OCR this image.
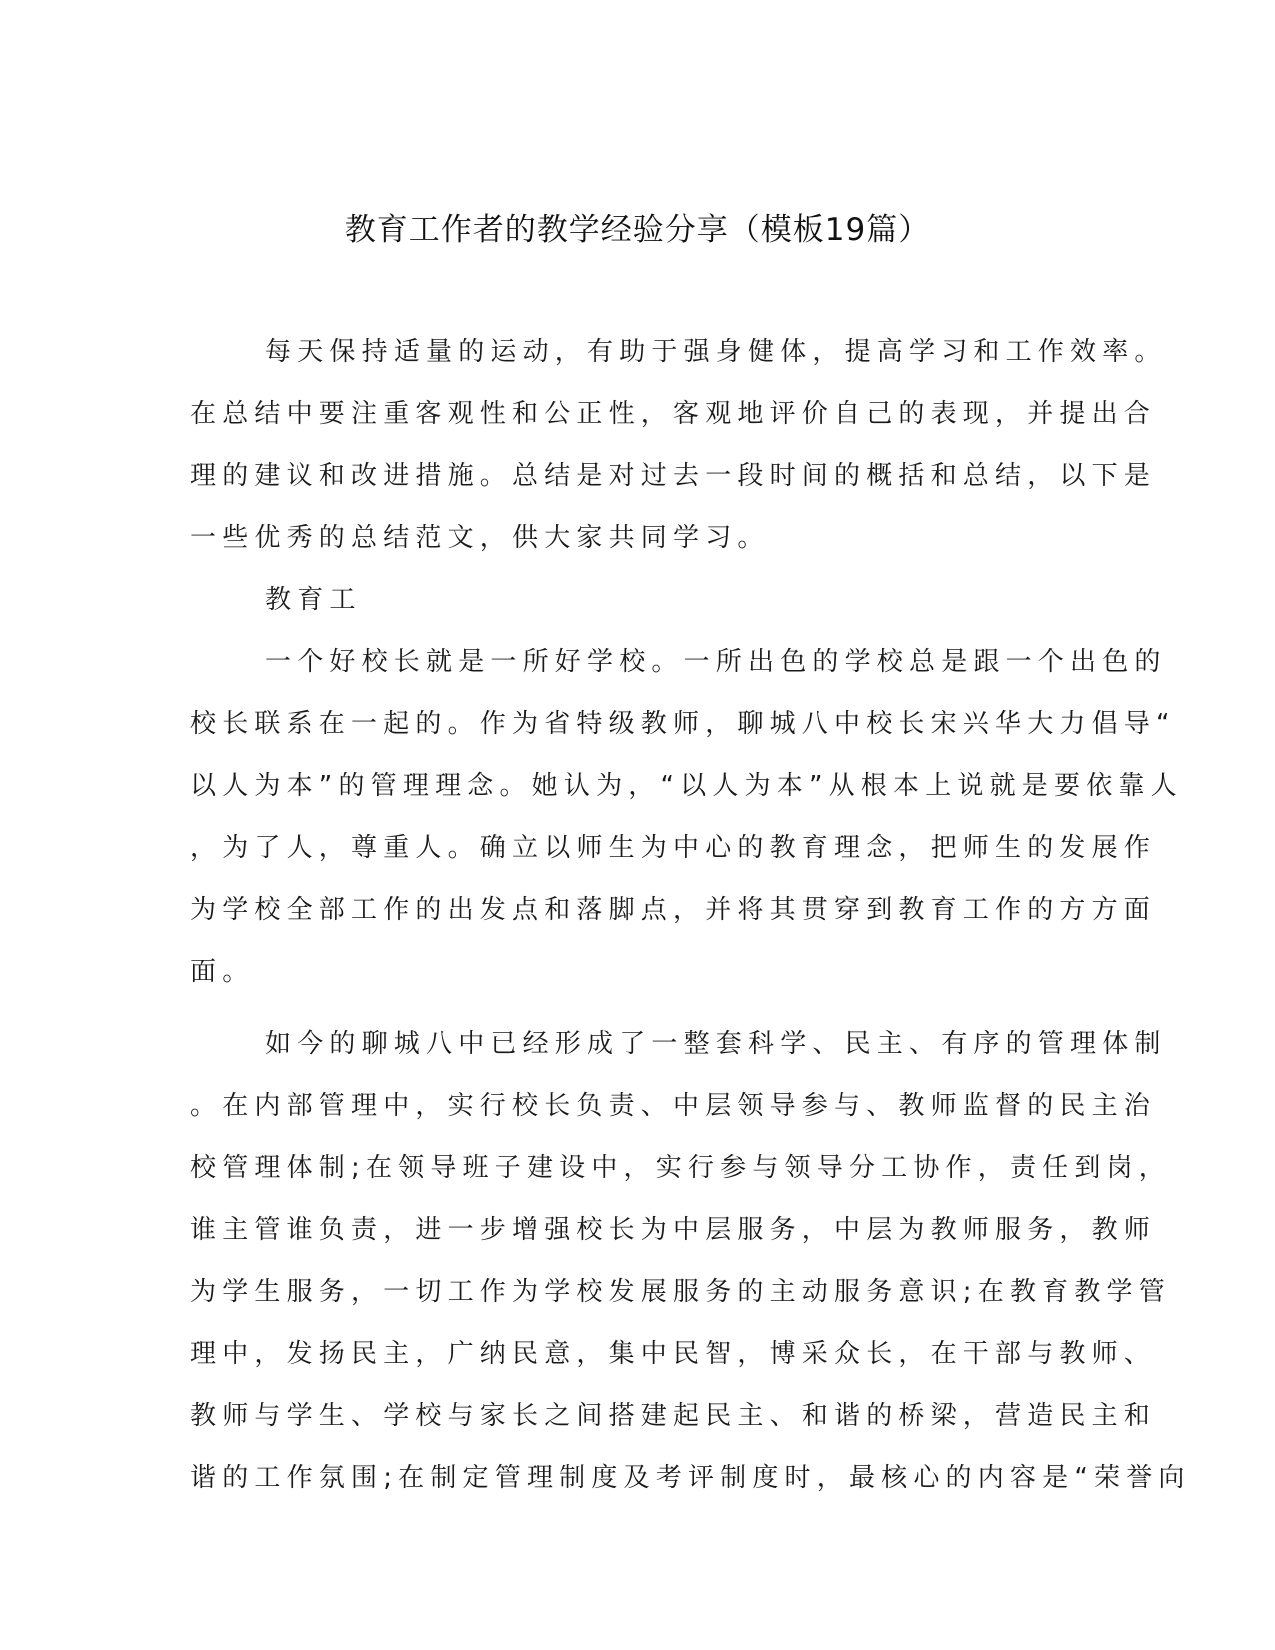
教育工作者的教学经验分享（模板19篇）
每天保持适量的运动，有助于强身健体，提高学习和工作效率。
在总结中要注重客观性和公正性，客观地评价自己的表现，并提出合
理的建议和改进措施。总结是对过去一段时间的概括和总结，以下是
一些优秀的总结范文，供大家共同学习。
教育工
一个好校长就是一所好学校。一所出色的学校总是跟一个出色的
校长联系在一起的。作为省特级教师，聊城八中校长宋兴华大力倡导“
以人为本”的管理理念。她认为，“以人为本”从根本上说就是要依靠人
，为了人，尊重人。确立以师生为中心的教育理念，把师生的发展作
为学校全部工作的出发点和落脚点，并将其贯穿到教育工作的方方面
面。
如今的聊城八中已经形成了一整套科学、民主、有序的管理体制
。在内部管理中，实行校长负责、中层领导参与、教师监督的民主治
校管理体制;在领导班子建设中，实行参与领导分工协作，责任到岗，
谁主管谁负责，进一步增强校长为中层服务，中层为教师服务，教师
为学生服务，一切工作为学校发展服务的主动服务意识;在教育教学管
理中，发扬民主，广纳民意，集中民智，博采众长，在干部与教师、
教师与学生、学校与家长之间搭建起民主、和谐的桥梁，营造民主和
谐的工作氛围;在制定管理制度及考评制度时，最核心的内容是“荣誉向
